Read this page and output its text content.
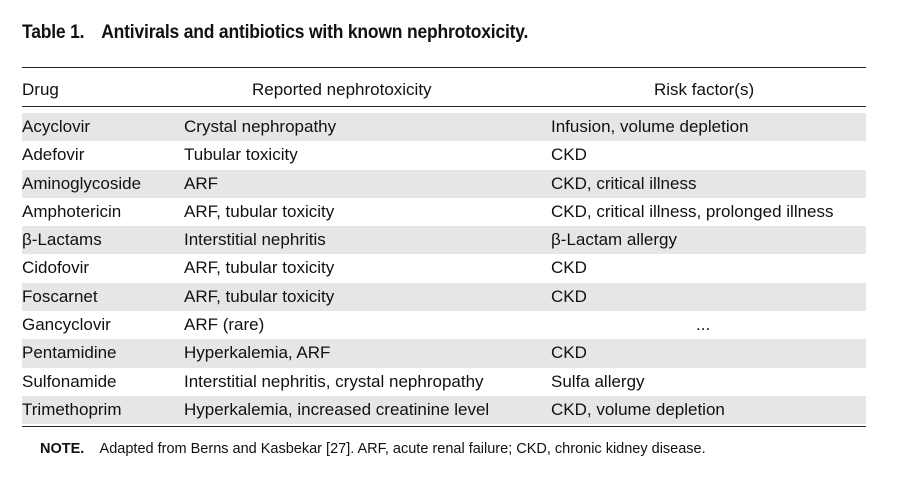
Table 1. Antivirals and antibiotics with known nephrotoxicity.
Drug	Reported nephrotoxicity	Risk factor(s)
Acyclovir	Crystal nephropathy	Infusion, volume depletion
Adefovir	Tubular toxicity	CKD
Aminoglycoside	ARF	CKD, critical illness
Amphotericin	ARF, tubular toxicity	CKD, critical illness, prolonged illness
β-Lactams	Interstitial nephritis	β-Lactam allergy
Cidofovir	ARF, tubular toxicity	CKD
Foscarnet	ARF, tubular toxicity	CKD
Gancyclovir	ARF (rare)	...
Pentamidine	Hyperkalemia, ARF	CKD
Sulfonamide	Interstitial nephritis, crystal nephropathy	Sulfa allergy
Trimethoprim	Hyperkalemia, increased creatinine level	CKD, volume depletion
NOTE. Adapted from Berns and Kasbekar [27]. ARF, acute renal failure; CKD, chronic kidney disease.
